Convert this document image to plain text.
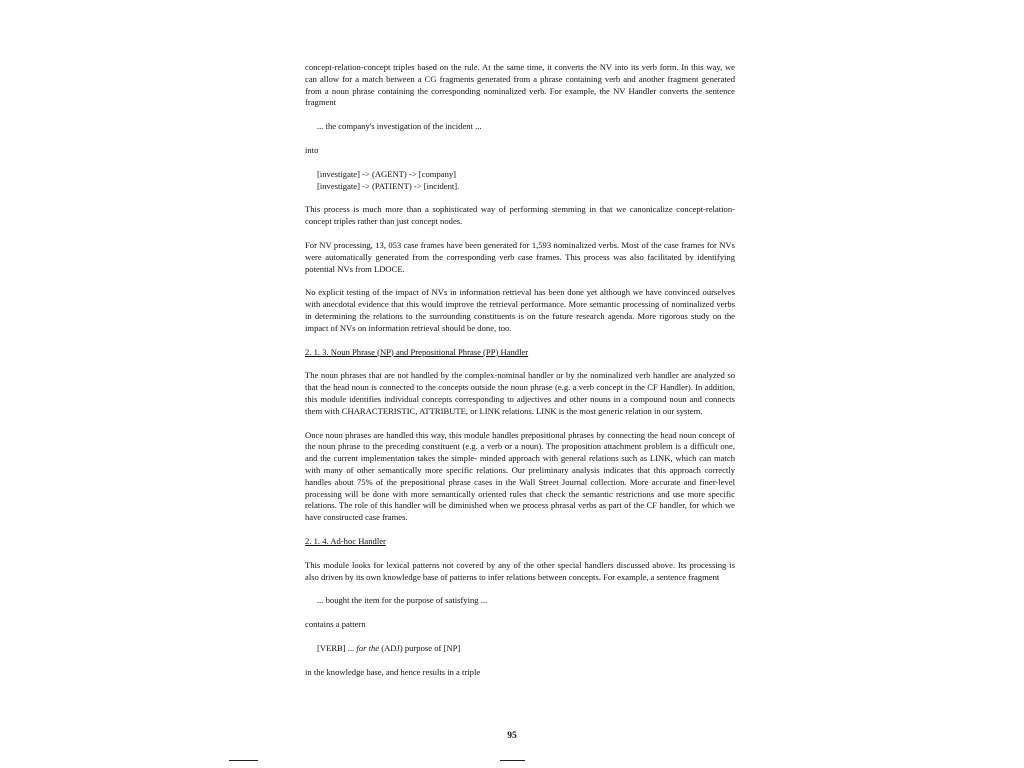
concept-relation-concept triples based on the rule. At the same time, it converts the NV into its verb form. In this way, we can allow for a match between a CG fragments generated from a phrase containing verb and another fragment generated from a noun phrase containing the corresponding nominalized verb. For example, the NV Handler converts the sentence fragment

... the company's investigation of the incident ...

into

[investigate] -> (AGENT) -> [company]
[investigate] -> (PATIENT) -> [incident].

This process is much more than a sophisticated way of performing stemming in that we canonicalize concept-relation-concept triples rather than just concept nodes.

For NV processing, 13, 053 case frames have been generated for 1,593 nominalized verbs. Most of the case frames for NVs were automatically generated from the corresponding verb case frames. This process was also facilitated by identifying potential NVs from LDOCE.

No explicit testing of the impact of NVs in information retrieval has been done yet although we have convinced ourselves with anecdotal evidence that this would improve the retrieval performance. More semantic processing of nominalized verbs in determining the relations to the surrounding constituents is on the future research agenda. More rigorous study on the impact of NVs on information retrieval should be done, too.

2. 1. 3. Noun Phrase (NP) and Prepositional Phrase (PP) Handler

The noun phrases that are not handled by the complex-nominal handler or by the nominalized verb handler are analyzed so that the head noun is connected to the concepts outside the noun phrase (e.g. a verb concept in the CF Handler). In addition, this module identifies individual concepts corresponding to adjectives and other nouns in a compound noun and connects them with CHARACTERISTIC, ATTRIBUTE, or LINK relations. LINK is the most generic relation in our system.

Once noun phrases are handled this way, this module handles prepositional phrases by connecting the head noun concept of the noun phrase to the preceding constituent (e.g. a verb or a noun). The proposition attachment problem is a difficult one, and the current implementation takes the simple- minded approach with general relations such as LINK, which can match with many of other semantically more specific relations. Our preliminary analysis indicates that this approach correctly handles about 75% of the prepositional phrase cases in the Wall Street Journal collection. More accurate and finer-level processing will be done with more semantically oriented rules that check the semantic restrictions and use more specific relations. The role of this handler will be diminished when we process phrasal verbs as part of the CF handler, for which we have constructed case frames.

2. 1. 4. Ad-hoc Handler

This module looks for lexical patterns not covered by any of the other special handlers discussed above. Its processing is also driven by its own knowledge base of patterns to infer relations between concepts. For example, a sentence fragment

... bought the item for the purpose of satisfying ...

contains a pattern

[VERB] ... for the (ADJ) purpose of [NP]

in the knowledge base, and hence results in a triple

95
